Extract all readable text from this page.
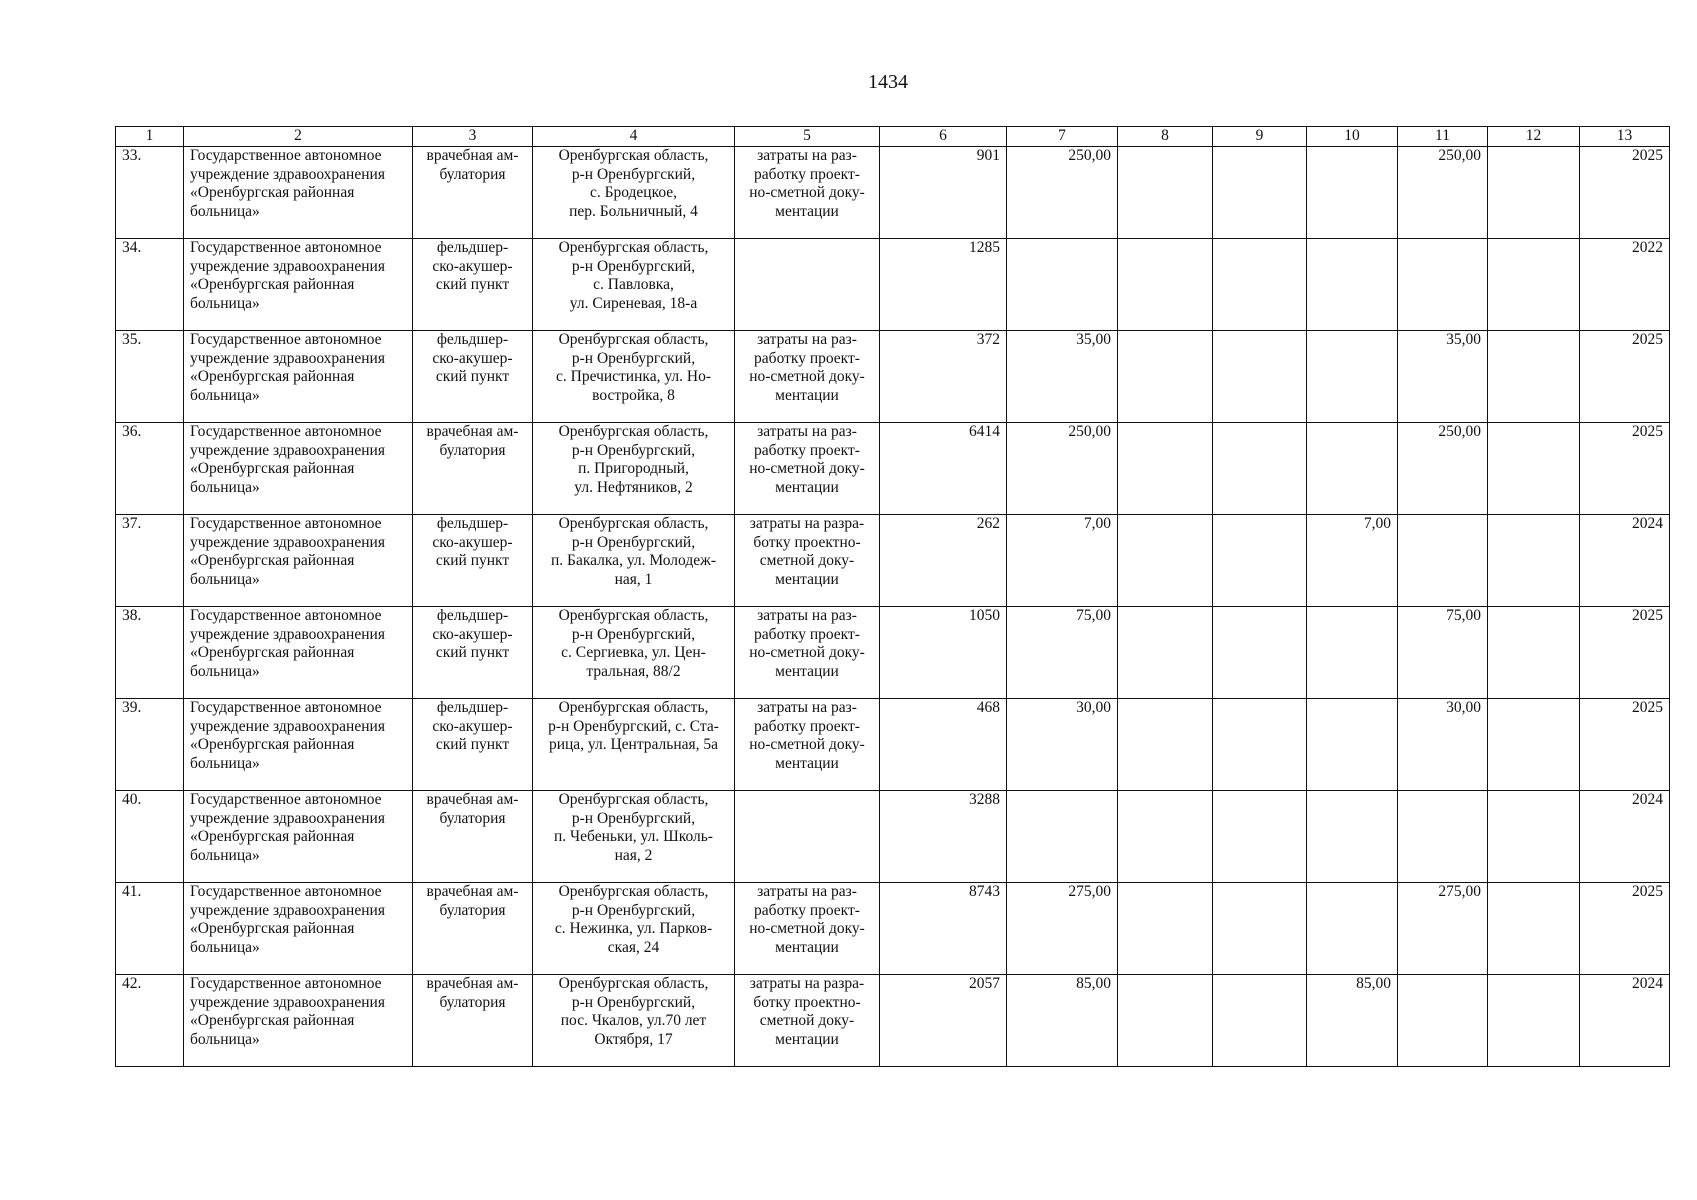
1434
1	2	3	4	5	6	7	8	9	10	11	12	13

33.	Государственное автономное
учреждение здравоохранения
«Оренбургская районная
больница»	врачебная ам-
булатория	Оренбургская область,
р-н Оренбургский,
с. Бродецкое,
пер. Больничный, 4	затраты на раз-
работку проект-
но-сметной доку-
ментации	901	250,00				250,00		2025

34.	Государственное автономное
учреждение здравоохранения
«Оренбургская районная
больница»	фельдшер-
ско-акушер-
ский пункт	Оренбургская область,
р-н Оренбургский,
с. Павловка,
ул. Сиреневая, 18-а		1285							2022

35.	Государственное автономное
учреждение здравоохранения
«Оренбургская районная
больница»	фельдшер-
ско-акушер-
ский пункт	Оренбургская область,
р-н Оренбургский,
с. Пречистинка, ул. Но-
востройка, 8	затраты на раз-
работку проект-
но-сметной доку-
ментации	372	35,00				35,00		2025

36.	Государственное автономное
учреждение здравоохранения
«Оренбургская районная
больница»	врачебная ам-
булатория	Оренбургская область,
р-н Оренбургский,
п. Пригородный,
ул. Нефтяников, 2	затраты на раз-
работку проект-
но-сметной доку-
ментации	6414	250,00				250,00		2025

37.	Государственное автономное
учреждение здравоохранения
«Оренбургская районная
больница»	фельдшер-
ско-акушер-
ский пункт	Оренбургская область,
р-н Оренбургский,
п. Бакалка, ул. Молодеж-
ная, 1	затраты на разра-
ботку проектно-
сметной доку-
ментации	262	7,00			7,00			2024

38.	Государственное автономное
учреждение здравоохранения
«Оренбургская районная
больница»	фельдшер-
ско-акушер-
ский пункт	Оренбургская область,
р-н Оренбургский,
с. Сергиевка, ул. Цен-
тральная, 88/2	затраты на раз-
работку проект-
но-сметной доку-
ментации	1050	75,00				75,00		2025

39.	Государственное автономное
учреждение здравоохранения
«Оренбургская районная
больница»	фельдшер-
ско-акушер-
ский пункт	Оренбургская область,
р-н Оренбургский, с. Ста-
рица, ул. Центральная, 5а	затраты на раз-
работку проект-
но-сметной доку-
ментации	468	30,00				30,00		2025

40.	Государственное автономное
учреждение здравоохранения
«Оренбургская районная
больница»	врачебная ам-
булатория	Оренбургская область,
р-н Оренбургский,
п. Чебеньки, ул. Школь-
ная, 2		3288							2024

41.	Государственное автономное
учреждение здравоохранения
«Оренбургская районная
больница»	врачебная ам-
булатория	Оренбургская область,
р-н Оренбургский,
с. Нежинка, ул. Парков-
ская, 24	затраты на раз-
работку проект-
но-сметной доку-
ментации	8743	275,00				275,00		2025

42.	Государственное автономное
учреждение здравоохранения
«Оренбургская районная
больница»	врачебная ам-
булатория	Оренбургская область,
р-н Оренбургский,
пос. Чкалов, ул.70 лет
Октября, 17	затраты на разра-
ботку проектно-
сметной доку-
ментации	2057	85,00			85,00			2024
